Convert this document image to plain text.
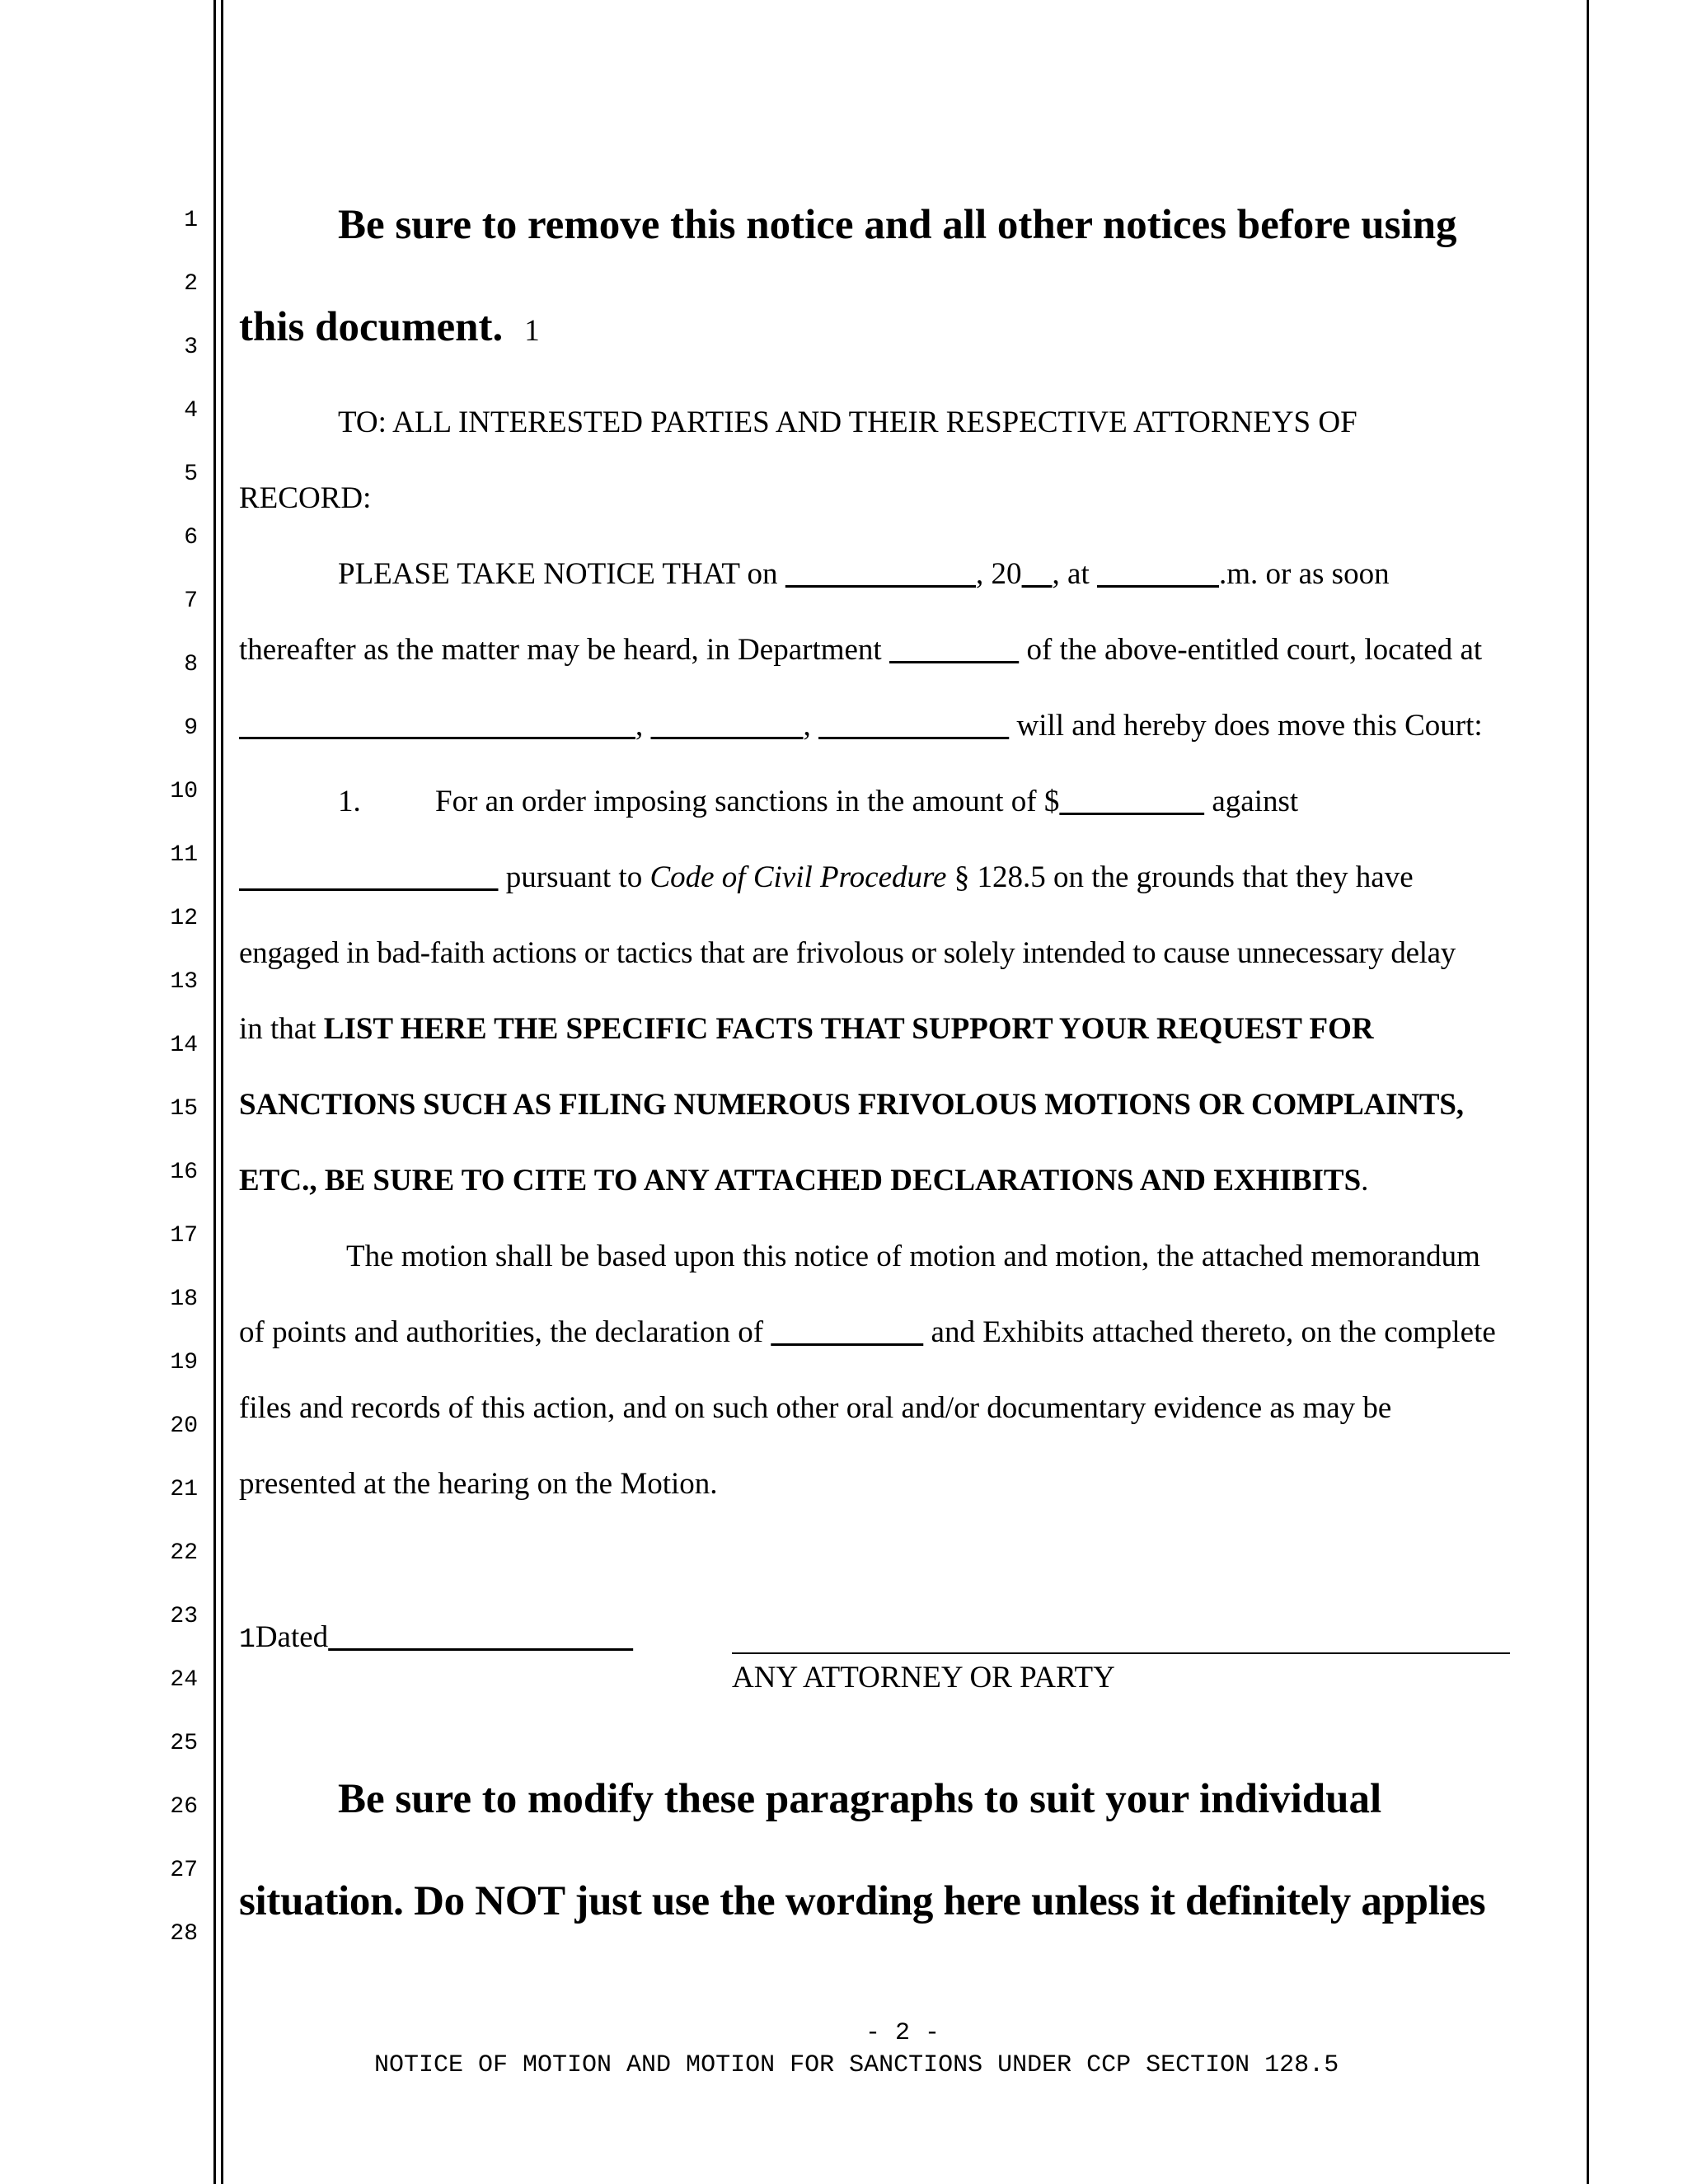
1
2
3
4
5
6
7
8
9
10
11
12
13
14
15
16
17
18
19
20
21
22
23
24
25
26
27
28
Be sure to remove this notice and all other notices before using
this document. 1
TO: ALL INTERESTED PARTIES AND THEIR RESPECTIVE ATTORNEYS OF
RECORD:
PLEASE TAKE NOTICE THAT on	, 20 , at	.m. or as soon
thereafter as the matter may be heard, in Department	of the above-entitled court, located at
,	,	will and hereby does move this Court:
1. For an order imposing sanctions in the amount of $	against
pursuant to Code of Civil Procedure § 128.5 on the grounds that they have
engaged in bad-faith actions or tactics that are frivolous or solely intended to cause unnecessary delay
in that LIST HERE THE SPECIFIC FACTS THAT SUPPORT YOUR REQUEST FOR
SANCTIONS SUCH AS FILING NUMEROUS FRIVOLOUS MOTIONS OR COMPLAINTS,
ETC., BE SURE TO CITE TO ANY ATTACHED DECLARATIONS AND EXHIBITS.
The motion shall be based upon this notice of motion and motion, the attached memorandum
of points and authorities, the declaration of	and Exhibits attached thereto, on the complete
files and records of this action, and on such other oral and/or documentary evidence as may be
presented at the hearing on the Motion.
1Dated
ANY ATTORNEY OR PARTY
Be sure to modify these paragraphs to suit your individual
situation. Do NOT just use the wording here unless it definitely applies
- 2 -
NOTICE OF MOTION AND MOTION FOR SANCTIONS UNDER CCP SECTION 128.5
